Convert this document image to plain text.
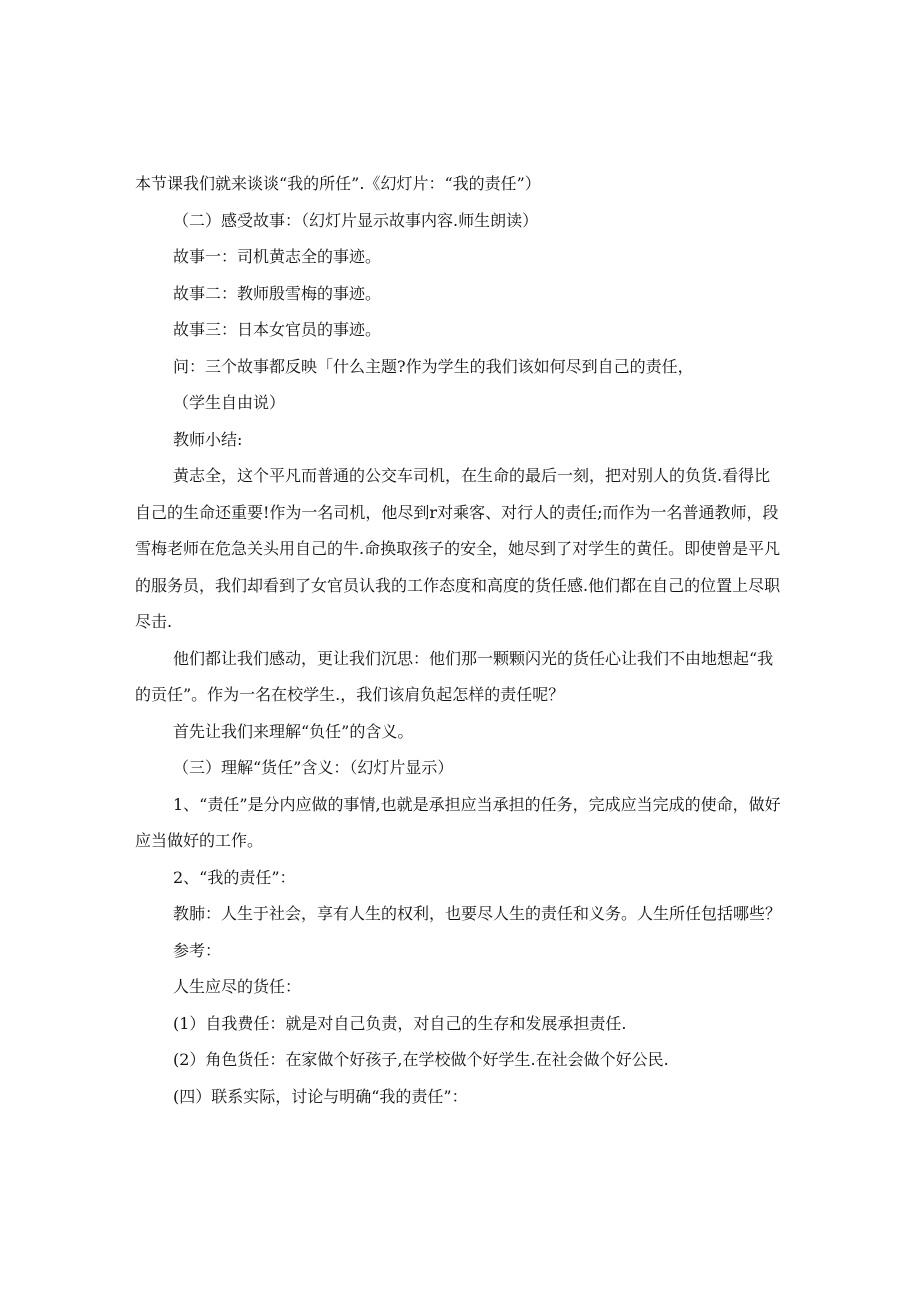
本节课我们就来谈谈“我的所任”.《幻灯片：“我的责任”）

（二）感受故事：（幻灯片显示故事内容.师生朗读）

故事一：司机黄志全的事迹。

故事二：教师殷雪梅的事迹。

故事三：日本女官员的事迹。

问：三个故事都反映「什么主题?作为学生的我们该如何尽到自己的责任，

（学生自由说）

教师小结:

黄志全，这个平凡而普通的公交车司机，在生命的最后一刻，把对别人的负货.看得比自己的生命还重要!作为一名司机，他尽到r对乘客、对行人的责任;而作为一名普通教师，段雪梅老师在危急关头用自己的牛.命换取孩子的安全，她尽到了对学生的黄任。即使曾是平凡的服务员，我们却看到了女官员认我的工作态度和高度的货任感.他们都在自己的位置上尽职尽击.

他们都让我们感动，更让我们沉思：他们那一颗颗闪光的货任心让我们不由地想起“我的贡任”。作为一名在校学生.，我们该肩负起怎样的责任呢？

首先让我们来理解“负任”的含义。

（三）理解“货任”含义：（幻灯片显示）

1、“责任”是分内应做的事情,也就是承担应当承担的任务，完成应当完成的使命，做好应当做好的工作。

2、“我的责任”：

教肺：人生于社会，享有人生的权利，也要尽人生的责任和义务。人生所任包括哪些？

参考：

人生应尽的货任：

(1）自我费任：就是对自己负责，对自己的生存和发展承担责任.

(2）角色货任：在家做个好孩子,在学校做个好学生.在社会做个好公民.

(四）联系实际，讨论与明确“我的责任”：
